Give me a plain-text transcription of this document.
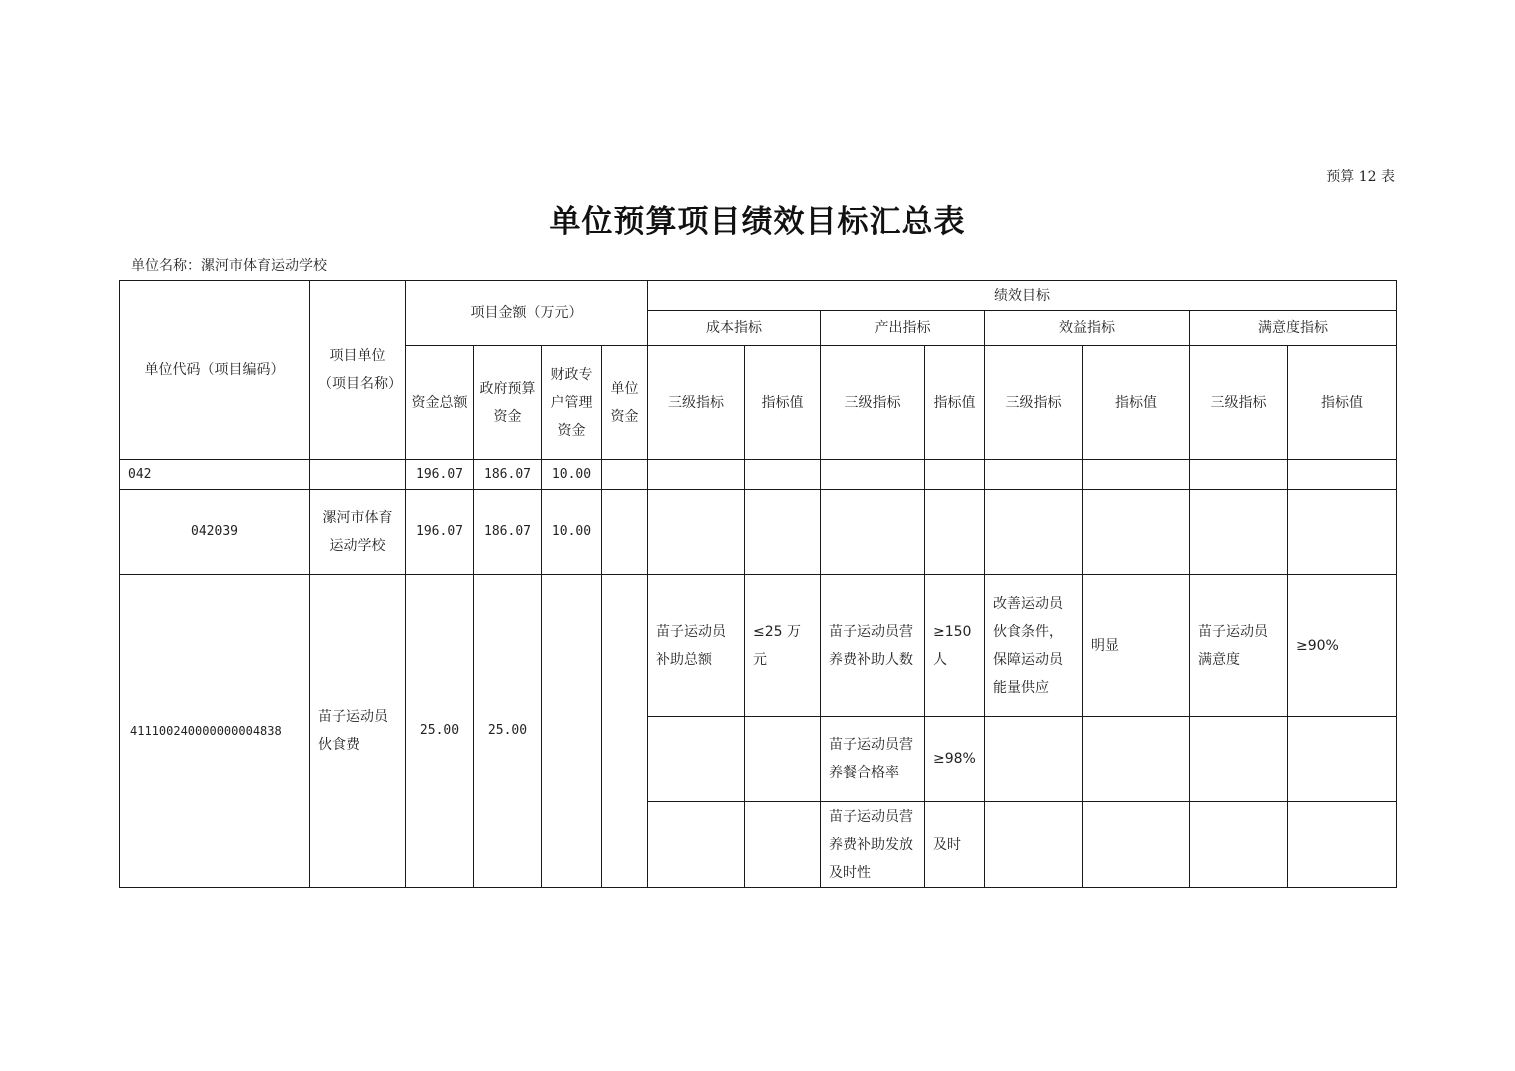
预算 12 表
单位预算项目绩效目标汇总表
单位名称：漯河市体育运动学校
单位代码（项目编码）	项目单位（项目名称）	项目金额（万元）				绩效目标							
						成本指标		产出指标		效益指标		满意度指标	
		资金总额	政府预算资金	财政专户管理资金	单位资金	三级指标	指标值	三级指标	指标值	三级指标	指标值	三级指标	指标值
042		196.07	186.07	10.00									
042039	漯河市体育运动学校	196.07	186.07	10.00									
411100240000000004838	苗子运动员伙食费	25.00	25.00			苗子运动员补助总额	≤25 万元	苗子运动员营养费补助人数	≥150 人	改善运动员伙食条件，保障运动员能量供应	明显	苗子运动员满意度	≥90%
								苗子运动员营养餐合格率	≥98%				
								苗子运动员营养费补助发放及时性	及时				
